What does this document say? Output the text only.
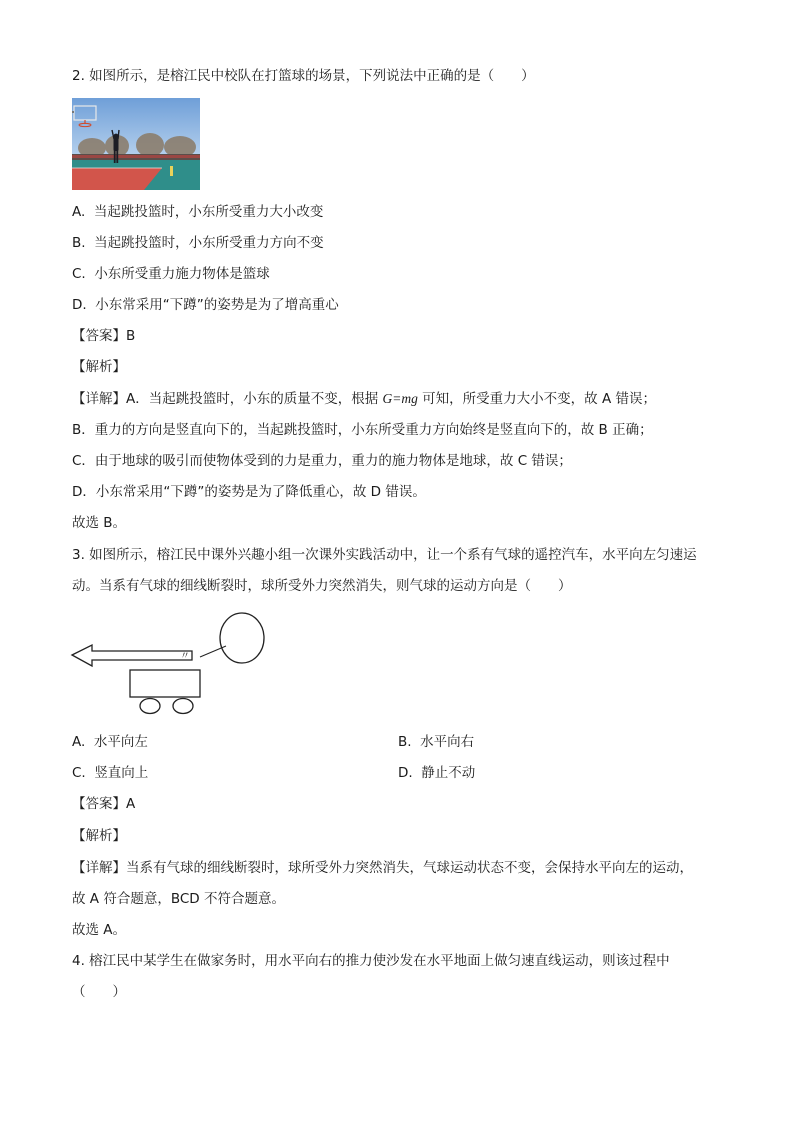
2. 如图所示，是榕江民中校队在打篮球的场景，下列说法中正确的是（　　）
A. 当起跳投篮时，小东所受重力大小改变
B. 当起跳投篮时，小东所受重力方向不变
C. 小东所受重力施力物体是篮球
D. 小东常采用“下蹲”的姿势是为了增高重心
【答案】B
【解析】
【详解】A．当起跳投篮时，小东的质量不变，根据 G=mg 可知，所受重力大小不变，故 A 错误；
B．重力的方向是竖直向下的，当起跳投篮时，小东所受重力方向始终是竖直向下的，故 B 正确；
C．由于地球的吸引而使物体受到的力是重力，重力的施力物体是地球，故 C 错误；
D．小东常采用“下蹲”的姿势是为了降低重心，故 D 错误。
故选 B。
3. 如图所示，榕江民中课外兴趣小组一次课外实践活动中，让一个系有气球的遥控汽车，水平向左匀速运
动。当系有气球的细线断裂时，球所受外力突然消失，则气球的运动方向是（　　）
〃
A. 水平向左	B. 水平向右
C. 竖直向上	D. 静止不动
【答案】A
【解析】
【详解】当系有气球的细线断裂时，球所受外力突然消失，气球运动状态不变，会保持水平向左的运动，
故 A 符合题意，BCD 不符合题意。
故选 A。
4. 榕江民中某学生在做家务时，用水平向右的推力使沙发在水平地面上做匀速直线运动，则该过程中
（　　）
